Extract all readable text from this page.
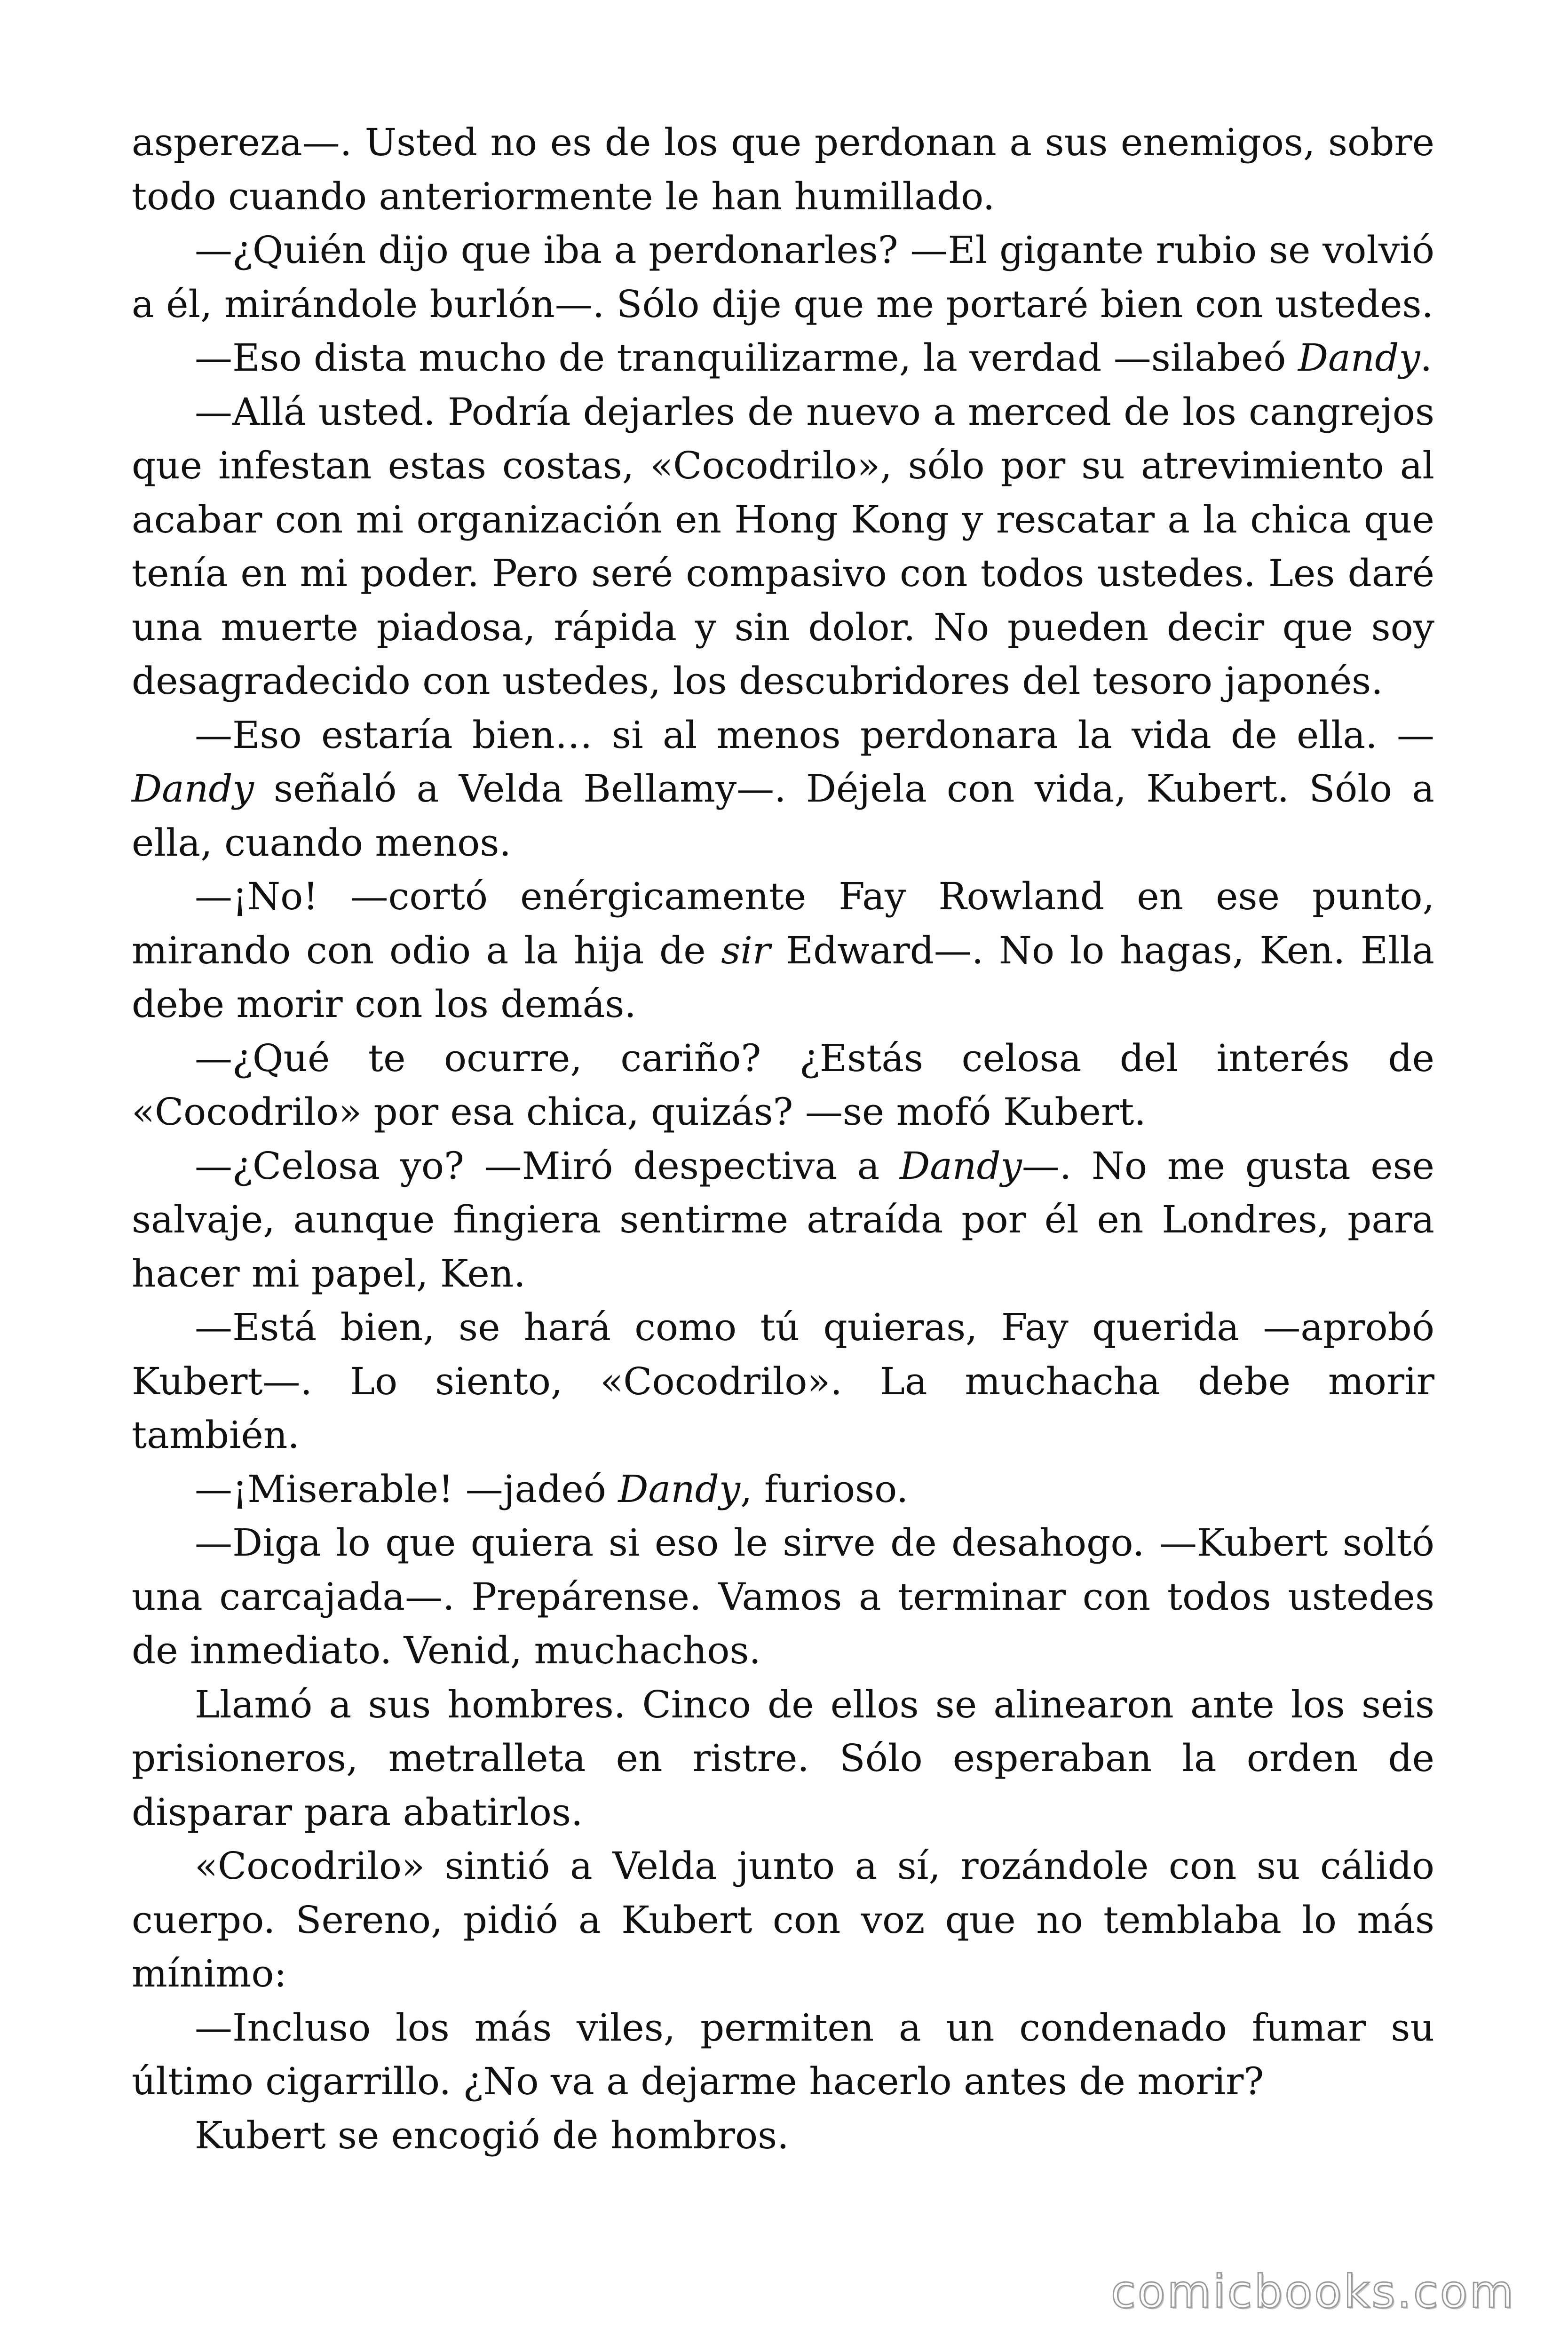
aspereza—. Usted no es de los que perdonan a sus enemigos, sobre todo cuando anteriormente le han humillado.

—¿Quién dijo que iba a perdonarles? —El gigante rubio se volvió a él, mirándole burlón—. Sólo dije que me portaré bien con ustedes.

—Eso dista mucho de tranquilizarme, la verdad —silabeó Dandy.

—Allá usted. Podría dejarles de nuevo a merced de los cangrejos que infestan estas costas, «Cocodrilo», sólo por su atrevimiento al acabar con mi organización en Hong Kong y rescatar a la chica que tenía en mi poder. Pero seré compasivo con todos ustedes. Les daré una muerte piadosa, rápida y sin dolor. No pueden decir que soy desagradecido con ustedes, los descubridores del tesoro japonés.

—Eso estaría bien… si al menos perdonara la vida de ella. — Dandy señaló a Velda Bellamy—. Déjela con vida, Kubert. Sólo a ella, cuando menos.

—¡No! —cortó enérgicamente Fay Rowland en ese punto, mirando con odio a la hija de sir Edward—. No lo hagas, Ken. Ella debe morir con los demás.

—¿Qué te ocurre, cariño? ¿Estás celosa del interés de «Cocodrilo» por esa chica, quizás? —se mofó Kubert.

—¿Celosa yo? —Miró despectiva a Dandy—. No me gusta ese salvaje, aunque fingiera sentirme atraída por él en Londres, para hacer mi papel, Ken.

—Está bien, se hará como tú quieras, Fay querida —aprobó Kubert—. Lo siento, «Cocodrilo». La muchacha debe morir también.

—¡Miserable! —jadeó Dandy, furioso.

—Diga lo que quiera si eso le sirve de desahogo. —Kubert soltó una carcajada—. Prepárense. Vamos a terminar con todos ustedes de inmediato. Venid, muchachos.

Llamó a sus hombres. Cinco de ellos se alinearon ante los seis prisioneros, metralleta en ristre. Sólo esperaban la orden de disparar para abatirlos.

«Cocodrilo» sintió a Velda junto a sí, rozándole con su cálido cuerpo. Sereno, pidió a Kubert con voz que no temblaba lo más mínimo:

—Incluso los más viles, permiten a un condenado fumar su último cigarrillo. ¿No va a dejarme hacerlo antes de morir?

Kubert se encogió de hombros.

comicbooks.com
